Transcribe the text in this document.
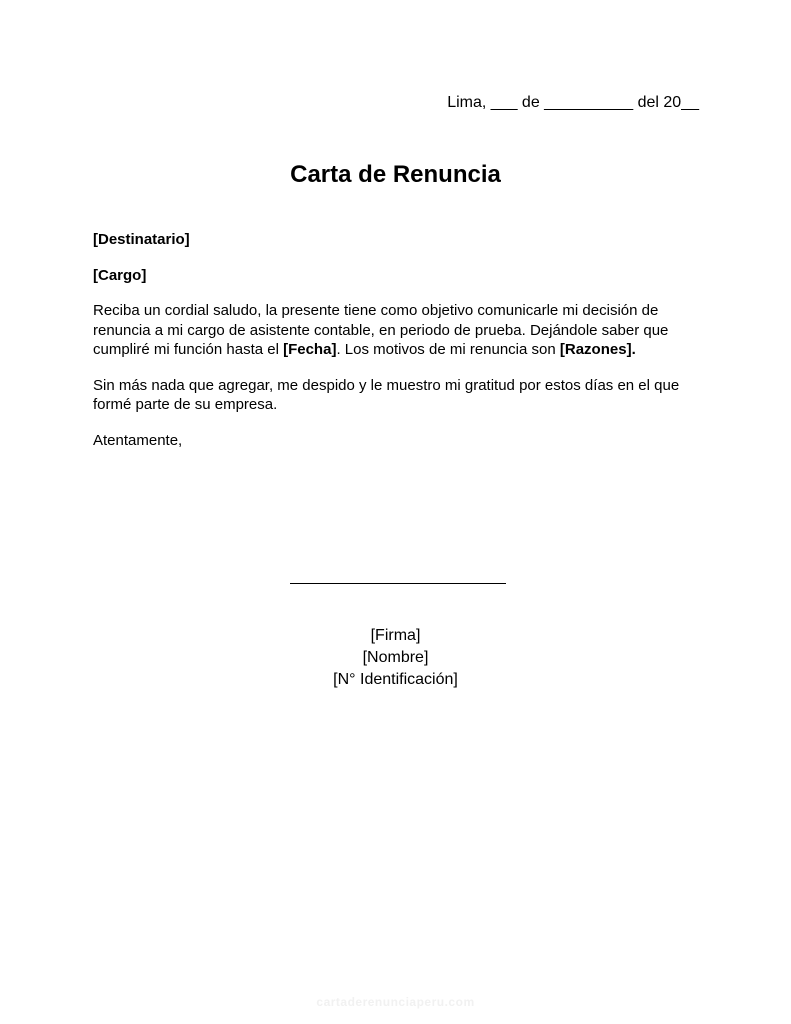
Lima, ___ de __________ del 20__
Carta de Renuncia

[Destinatario]

[Cargo]

Reciba un cordial saludo, la presente tiene como objetivo comunicarle mi decisión de renuncia a mi cargo de asistente contable, en periodo de prueba. Dejándole saber que cumpliré mi función hasta el [Fecha]. Los motivos de mi renuncia son [Razones].

Sin más nada que agregar, me despido y le muestro mi gratitud por estos días en el que formé parte de su empresa.

Atentamente,

[Firma]
[Nombre]
[N° Identificación]
cartaderenunciaperu.com
